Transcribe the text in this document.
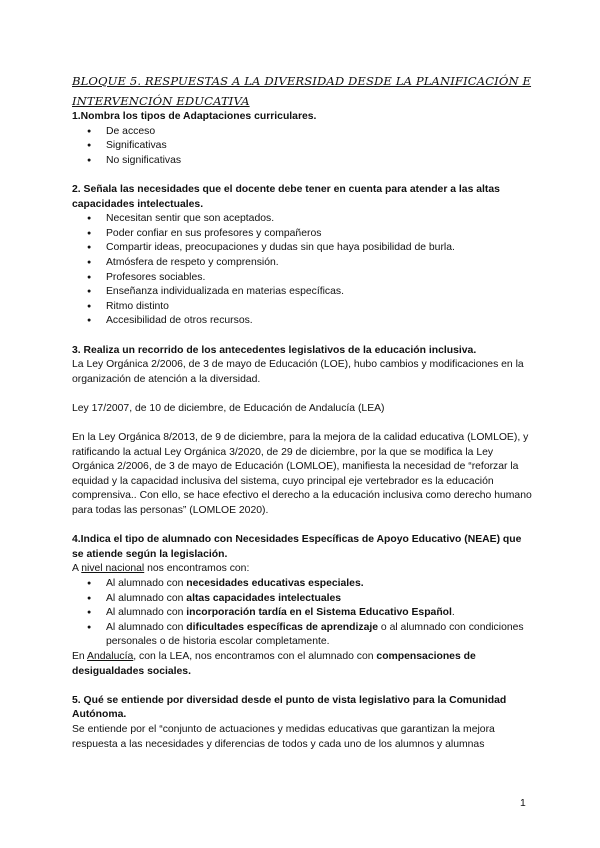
BLOQUE 5. RESPUESTAS A LA DIVERSIDAD DESDE LA PLANIFICACIÓN E

INTERVENCIÓN EDUCATIVA

1.Nombra los tipos de Adaptaciones curriculares.

● De acceso
● Significativas
● No significativas

2. Señala las necesidades que el docente debe tener en cuenta para atender a las altas capacidades intelectuales.

● Necesitan sentir que son aceptados.
● Poder confiar en sus profesores y compañeros
● Compartir ideas, preocupaciones y dudas sin que haya posibilidad de burla.
● Atmósfera de respeto y comprensión.
● Profesores sociables.
● Enseñanza individualizada en materias específicas.
● Ritmo distinto
● Accesibilidad de otros recursos.

3. Realiza un recorrido de los antecedentes legislativos de la educación inclusiva.

La Ley Orgánica 2/2006, de 3 de mayo de Educación (LOE), hubo cambios y modificaciones en la organización de atención a la diversidad.

Ley 17/2007, de 10 de diciembre, de Educación de Andalucía (LEA)

En la Ley Orgánica 8/2013, de 9 de diciembre, para la mejora de la calidad educativa (LOMLOE), y ratificando la actual Ley Orgánica 3/2020, de 29 de diciembre, por la que se modifica la Ley Orgánica 2/2006, de 3 de mayo de Educación (LOMLOE), manifiesta la necesidad de “reforzar la equidad y la capacidad inclusiva del sistema, cuyo principal eje vertebrador es la educación comprensiva.. Con ello, se hace efectivo el derecho a la educación inclusiva como derecho humano para todas las personas” (LOMLOE 2020).

4.Indica el tipo de alumnado con Necesidades Específicas de Apoyo Educativo (NEAE) que se atiende según la legislación.

A nivel nacional nos encontramos con:

● Al alumnado con necesidades educativas especiales.
● Al alumnado con altas capacidades intelectuales
● Al alumnado con incorporación tardía en el Sistema Educativo Español.
● Al alumnado con dificultades específicas de aprendizaje o al alumnado con condiciones personales o de historia escolar completamente.

En Andalucía, con la LEA, nos encontramos con el alumnado con compensaciones de desigualdades sociales.

5. Qué se entiende por diversidad desde el punto de vista legislativo para la Comunidad Autónoma.

Se entiende por el “conjunto de actuaciones y medidas educativas que garantizan la mejora respuesta a las necesidades y diferencias de todos y cada uno de los alumnos y alumnas

1
